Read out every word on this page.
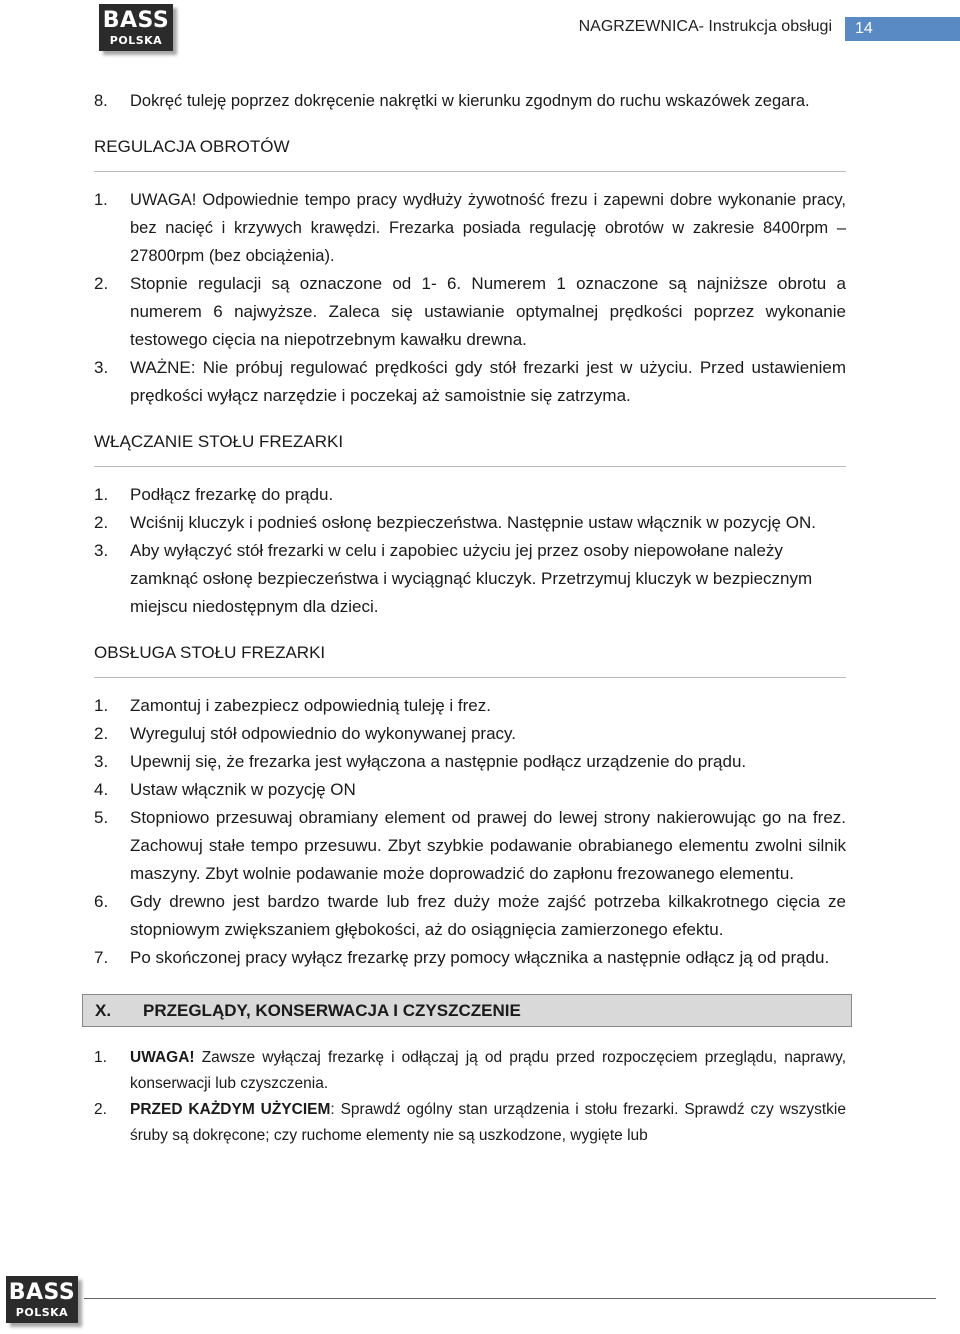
BASS
POLSKA
NAGRZEWNICA- Instrukcja obsługi	14
8.	Dokręć tuleję poprzez dokręcenie nakrętki w kierunku zgodnym do ruchu wskazówek zegara.
REGULACJA OBROTÓW
1.	UWAGA! Odpowiednie tempo pracy wydłuży żywotność frezu i zapewni dobre wykonanie pracy, bez nacięć i krzywych krawędzi. Frezarka posiada regulację obrotów w zakresie 8400rpm – 27800rpm (bez obciążenia).
2.	Stopnie regulacji są oznaczone od 1- 6. Numerem 1 oznaczone są najniższe obrotu a numerem 6 najwyższe. Zaleca się ustawianie optymalnej prędkości poprzez wykonanie testowego cięcia na niepotrzebnym kawałku drewna.
3.	WAŻNE: Nie próbuj regulować prędkości gdy stół frezarki jest w użyciu. Przed ustawieniem prędkości wyłącz narzędzie i poczekaj aż samoistnie się zatrzyma.
WŁĄCZANIE STOŁU FREZARKI
1.	Podłącz frezarkę do prądu.
2.	Wciśnij kluczyk i podnieś osłonę bezpieczeństwa. Następnie ustaw włącznik w pozycję ON.
3.	Aby wyłączyć stół frezarki w celu i zapobiec użyciu jej przez osoby niepowołane należy zamknąć osłonę bezpieczeństwa i wyciągnąć kluczyk. Przetrzymuj kluczyk w bezpiecznym miejscu niedostępnym dla dzieci.
OBSŁUGA STOŁU FREZARKI
1.	Zamontuj i zabezpiecz odpowiednią tuleję i frez.
2.	Wyreguluj stół odpowiednio do wykonywanej pracy.
3.	Upewnij się, że frezarka jest wyłączona a następnie podłącz urządzenie do prądu.
4.	Ustaw włącznik w pozycję ON
5.	Stopniowo przesuwaj obramiany element od prawej do lewej strony nakierowując go na frez. Zachowuj stałe tempo przesuwu. Zbyt szybkie podawanie obrabianego elementu zwolni silnik maszyny. Zbyt wolnie podawanie może doprowadzić do zapłonu frezowanego elementu.
6.	Gdy drewno jest bardzo twarde lub frez duży może zajść potrzeba kilkakrotnego cięcia ze stopniowym zwiększaniem głębokości, aż do osiągnięcia zamierzonego efektu.
7.	Po skończonej pracy wyłącz frezarkę przy pomocy włącznika a następnie odłącz ją od prądu.
X.	PRZEGLĄDY, KONSERWACJA I CZYSZCZENIE
1.	UWAGA! Zawsze wyłączaj frezarkę i odłączaj ją od prądu przed rozpoczęciem przeglądu, naprawy, konserwacji lub czyszczenia.
2.	PRZED KAŻDYM UŻYCIEM: Sprawdź ogólny stan urządzenia i stołu frezarki. Sprawdź czy wszystkie śruby są dokręcone; czy ruchome elementy nie są uszkodzone, wygięte lub
BASS
POLSKA
